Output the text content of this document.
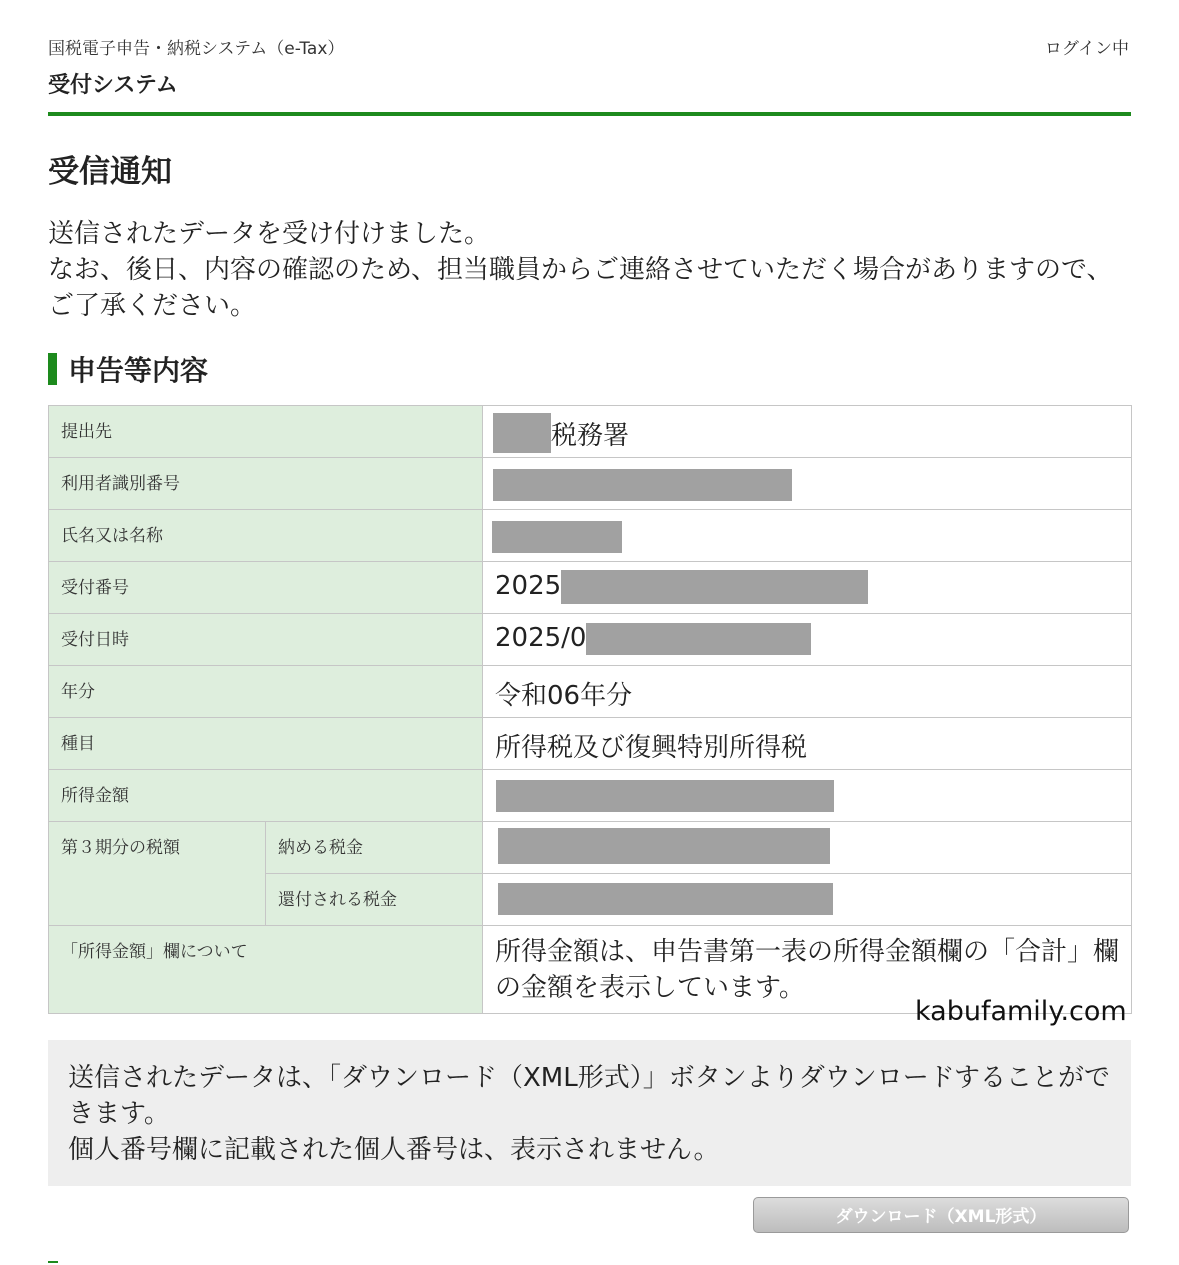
国税電子申告・納税システム（e-Tax）	ログイン中
受付システム
受信通知
送信されたデータを受け付けました。
なお、後日、内容の確認のため、担当職員からご連絡させていただく場合がありますので、ご了承ください。
申告等内容
提出先		税務署
利用者識別番号		
氏名又は名称		
受付番号		2025
受付日時		2025/0
年分		令和06年分
種目		所得税及び復興特別所得税
所得金額		
第３期分の税額	納める税金	
	還付される税金	
「所得金額」欄について		所得金額は、申告書第一表の所得金額欄の「合計」欄の金額を表示しています。
kabufamily.com
送信されたデータは、「ダウンロード（XML形式）」ボタンよりダウンロードすることができます。
個人番号欄に記載された個人番号は、表示されません。
ダウンロード（XML形式）
